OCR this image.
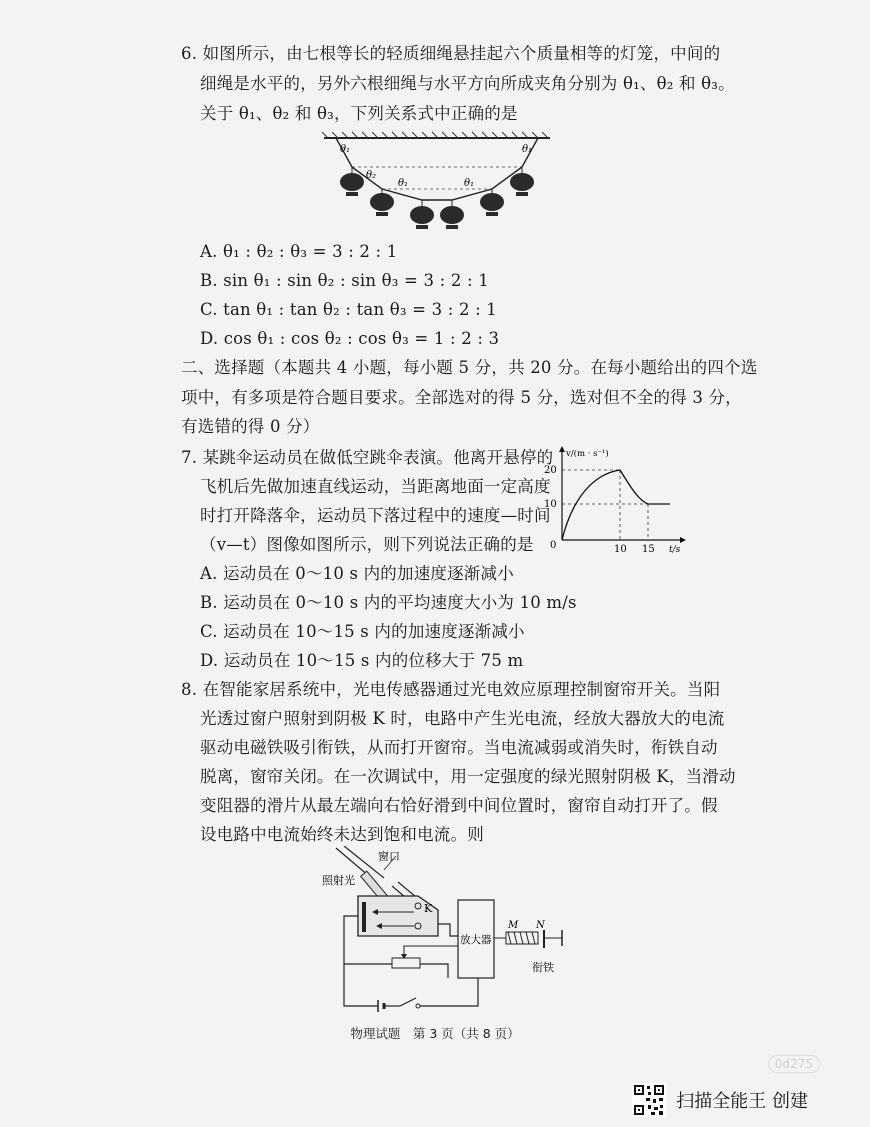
6. 如图所示，由七根等长的轻质细绳悬挂起六个质量相等的灯笼，中间的
细绳是水平的，另外六根细绳与水平方向所成夹角分别为 θ₁、θ₂ 和 θ₃。
关于 θ₁、θ₂ 和 θ₃，下列关系式中正确的是
θ₁	θ₁
θ₂
θ₁	θ₁
A. θ₁ : θ₂ : θ₃ = 3 : 2 : 1
B. sin θ₁ : sin θ₂ : sin θ₃ = 3 : 2 : 1
C. tan θ₁ : tan θ₂ : tan θ₃ = 3 : 2 : 1
D. cos θ₁ : cos θ₂ : cos θ₃ = 1 : 2 : 3
二、选择题（本题共 4 小题，每小题 5 分，共 20 分。在每小题给出的四个选
项中，有多项是符合题目要求。全部选对的得 5 分，选对但不全的得 3 分，
有选错的得 0 分）
7. 某跳伞运动员在做低空跳伞表演。他离开悬停的
飞机后先做加速直线运动，当距离地面一定高度
时打开降落伞，运动员下落过程中的速度—时间
（v—t）图像如图所示，则下列说法正确的是
v/(m · s⁻¹)
t/s
0
20
10
10 15
A. 运动员在 0～10 s 内的加速度逐渐减小
B. 运动员在 0～10 s 内的平均速度大小为 10 m/s
C. 运动员在 10～15 s 内的加速度逐渐减小
D. 运动员在 10～15 s 内的位移大于 75 m
8. 在智能家居系统中，光电传感器通过光电效应原理控制窗帘开关。当阳
光透过窗户照射到阴极 K 时，电路中产生光电流，经放大器放大的电流
驱动电磁铁吸引衔铁，从而打开窗帘。当电流减弱或消失时，衔铁自动
脱离，窗帘关闭。在一次调试中，用一定强度的绿光照射阴极 K，当滑动
变阻器的滑片从最左端向右恰好滑到中间位置时，窗帘自动打开了。假
设电路中电流始终未达到饱和电流。则
窗口
照射光
K
放大器
M N
衔铁
物理试题　第 3 页（共 8 页）
0d275
扫描全能王 创建
